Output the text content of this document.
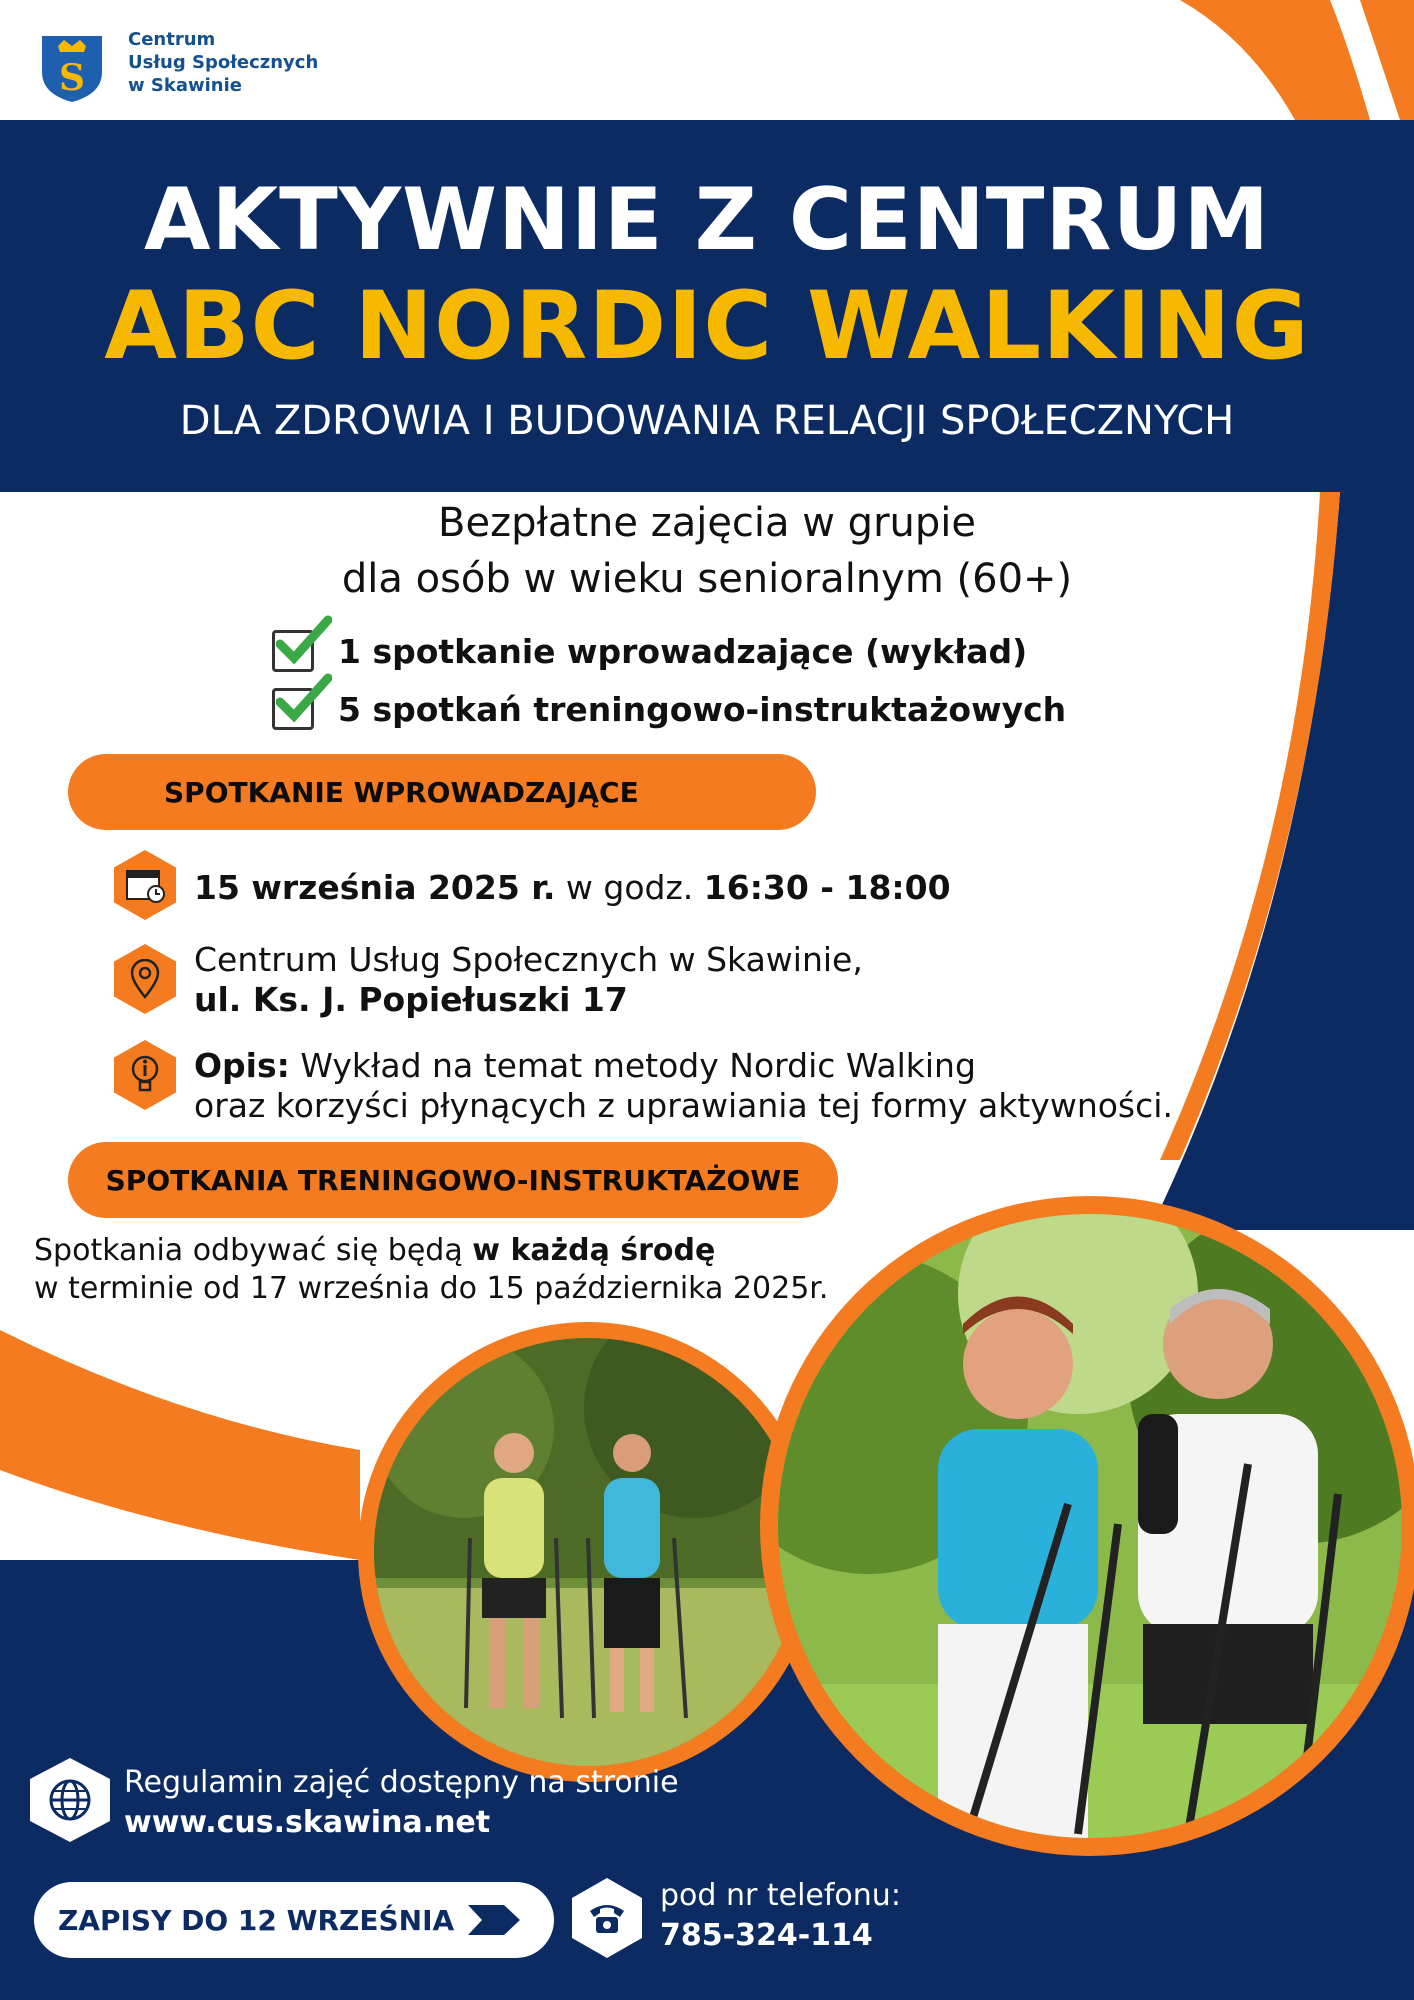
S
Centrum
Usług Społecznych
w Skawinie
AKTYWNIE Z CENTRUM
ABC NORDIC WALKING
DLA ZDROWIA I BUDOWANIA RELACJI SPOŁECZNYCH
Bezpłatne zajęcia w grupie
dla osób w wieku senioralnym (60+)
1 spotkanie wprowadzające (wykład)
5 spotkań treningowo-instruktażowych
SPOTKANIE WPROWADZAJĄCE
15 września 2025 r. w godz. 16:30 - 18:00
Centrum Usług Społecznych w Skawinie,
ul. Ks. J. Popiełuszki 17
Opis: Wykład na temat metody Nordic Walking
oraz korzyści płynących z uprawiania tej formy aktywności.
SPOTKANIA TRENINGOWO-INSTRUKTAŻOWE
Spotkania odbywać się będą w każdą środę
w terminie od 17 września do 15 października 2025r.
Regulamin zajęć dostępny na stronie
www.cus.skawina.net
ZAPISY DO 12 WRZEŚNIA
pod nr telefonu:
785-324-114
